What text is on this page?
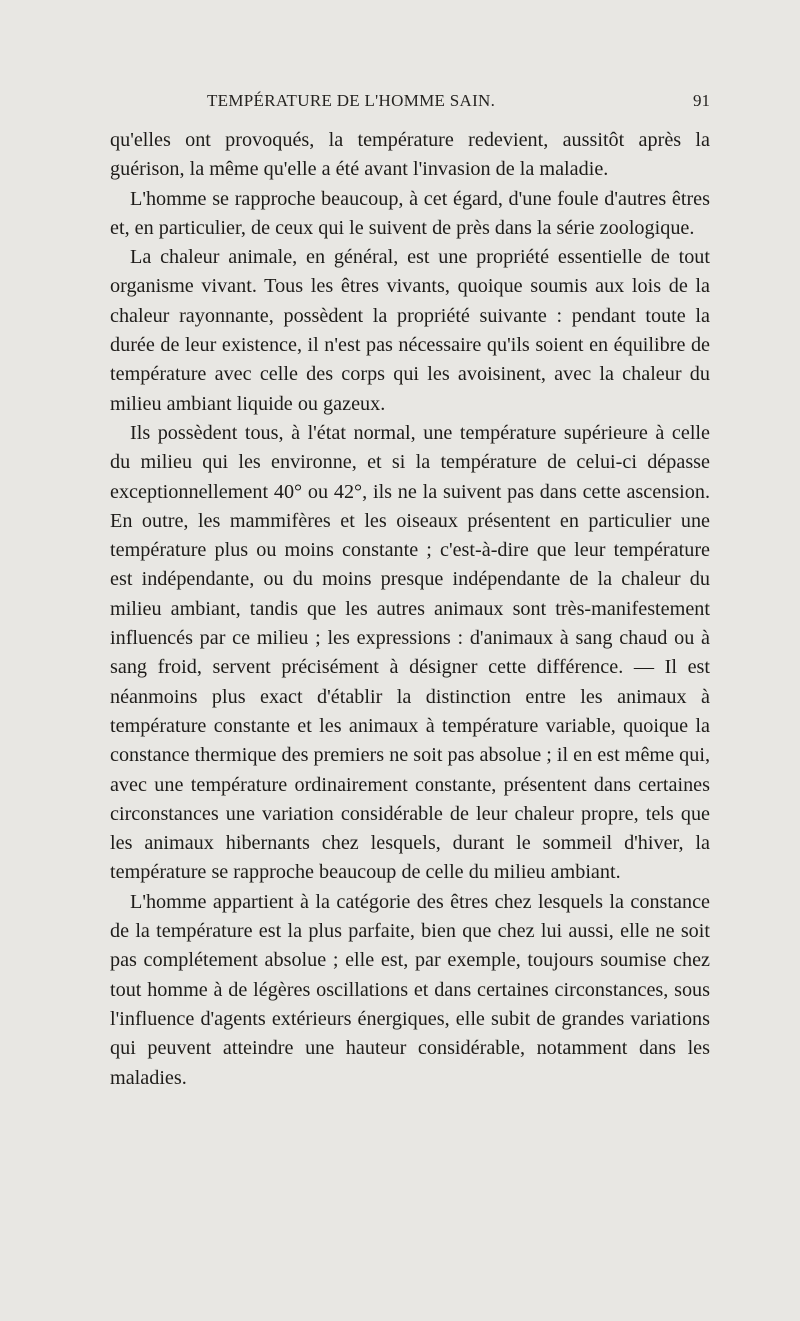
TEMPÉRATURE DE L'HOMME SAIN.	91

qu'elles ont provoqués, la température redevient, aussitôt après la guérison, la même qu'elle a été avant l'invasion de la maladie.

L'homme se rapproche beaucoup, à cet égard, d'une foule d'autres êtres et, en particulier, de ceux qui le suivent de près dans la série zoologique.

La chaleur animale, en général, est une propriété essentielle de tout organisme vivant. Tous les êtres vivants, quoique soumis aux lois de la chaleur rayonnante, possèdent la propriété suivante : pendant toute la durée de leur existence, il n'est pas nécessaire qu'ils soient en équilibre de température avec celle des corps qui les avoisinent, avec la chaleur du milieu ambiant liquide ou gazeux.

Ils possèdent tous, à l'état normal, une température supérieure à celle du milieu qui les environne, et si la température de celui-ci dépasse exceptionnellement 40° ou 42°, ils ne la suivent pas dans cette ascension. En outre, les mammifères et les oiseaux présentent en particulier une température plus ou moins constante ; c'est-à-dire que leur température est indépendante, ou du moins presque indépendante de la chaleur du milieu ambiant, tandis que les autres animaux sont très-manifestement influencés par ce milieu ; les expressions : d'animaux à sang chaud ou à sang froid, servent précisément à désigner cette différence. — Il est néanmoins plus exact d'établir la distinction entre les animaux à température constante et les animaux à température variable, quoique la constance thermique des premiers ne soit pas absolue ; il en est même qui, avec une température ordinairement constante, présentent dans certaines circonstances une variation considérable de leur chaleur propre, tels que les animaux hibernants chez lesquels, durant le sommeil d'hiver, la température se rapproche beaucoup de celle du milieu ambiant.

L'homme appartient à la catégorie des êtres chez lesquels la constance de la température est la plus parfaite, bien que chez lui aussi, elle ne soit pas complétement absolue ; elle est, par exemple, toujours soumise chez tout homme à de légères oscillations et dans certaines circonstances, sous l'influence d'agents extérieurs énergiques, elle subit de grandes variations qui peuvent atteindre une hauteur considérable, notamment dans les maladies.
